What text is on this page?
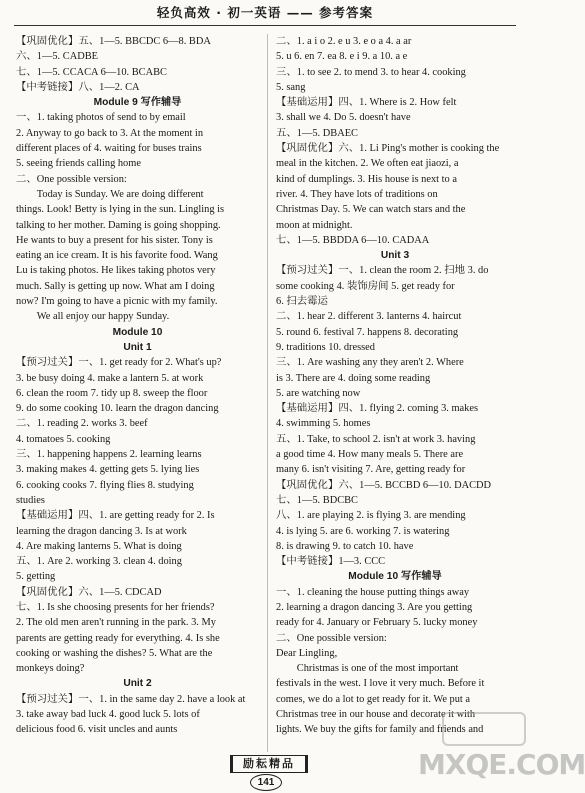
轻负高效 · 初一英语 —— 参考答案
【巩固优化】五、1—5. BBCDC 6—8. BDA
六、1—5. CADBE
七、1—5. CCACA 6—10. BCABC
【中考链接】八、1—2. CA
Module 9 写作辅导
一、1. taking photos of send to by email
2. Anyway to go back to 3. At the moment in
different places of 4. waiting for buses trains
5. seeing friends calling home
二、One possible version:
Today is Sunday. We are doing different
things. Look! Betty is lying in the sun. Lingling is
talking to her mother. Daming is going shopping.
He wants to buy a present for his sister. Tony is
eating an ice cream. It is his favorite food. Wang
Lu is taking photos. He likes taking photos very
much. Sally is getting up now. What am I doing
now? I'm going to have a picnic with my family.
We all enjoy our happy Sunday.
Module 10
Unit 1
【预习过关】一、1. get ready for 2. What's up?
3. be busy doing 4. make a lantern 5. at work
6. clean the room 7. tidy up 8. sweep the floor
9. do some cooking 10. learn the dragon dancing
二、1. reading 2. works 3. beef
4. tomatoes 5. cooking
三、1. happening happens 2. learning learns
3. making makes 4. getting gets 5. lying lies
6. cooking cooks 7. flying flies 8. studying
studies
【基础运用】四、1. are getting ready for 2. Is
learning the dragon dancing 3. Is at work
4. Are making lanterns 5. What is doing
五、1. Are 2. working 3. clean 4. doing
5. getting
【巩固优化】六、1—5. CDCAD
七、1. Is she choosing presents for her friends?
2. The old men aren't running in the park. 3. My
parents are getting ready for everything. 4. Is she
cooking or washing the dishes? 5. What are the
monkeys doing?
Unit 2
【预习过关】一、1. in the same day 2. have a look at
3. take away bad luck 4. good luck 5. lots of
delicious food 6. visit uncles and aunts
二、1. a i o 2. e u 3. e o a 4. a ar
5. u 6. en 7. ea 8. e i 9. a 10. a e
三、1. to see 2. to mend 3. to hear 4. cooking
5. sang
【基础运用】四、1. Where is 2. How felt
3. shall we 4. Do 5. doesn't have
五、1—5. DBAEC
【巩固优化】六、1. Li Ping's mother is cooking the
meal in the kitchen. 2. We often eat jiaozi, a
kind of dumplings. 3. His house is next to a
river. 4. They have lots of traditions on
Christmas Day. 5. We can watch stars and the
moon at midnight.
七、1—5. BBDDA 6—10. CADAA
Unit 3
【预习过关】一、1. clean the room 2. 扫地 3. do
some cooking 4. 装饰房间 5. get ready for
6. 扫去霉运
二、1. hear 2. different 3. lanterns 4. haircut
5. round 6. festival 7. happens 8. decorating
9. traditions 10. dressed
三、1. Are washing any they aren't 2. Where
is 3. There are 4. doing some reading
5. are watching now
【基础运用】四、1. flying 2. coming 3. makes
4. swimming 5. homes
五、1. Take, to school 2. isn't at work 3. having
a good time 4. How many meals 5. There are
many 6. isn't visiting 7. Are, getting ready for
【巩固优化】六、1—5. BCCBD 6—10. DACDD
七、1—5. BDCBC
八、1. are playing 2. is flying 3. are mending
4. is lying 5. are 6. working 7. is watering
8. is drawing 9. to catch 10. have
【中考链接】1—3. CCC
Module 10 写作辅导
一、1. cleaning the house putting things away
2. learning a dragon dancing 3. Are you getting
ready for 4. January or February 5. lucky money
二、One possible version:
Dear Lingling,
Christmas is one of the most important
festivals in the west. I love it very much. Before it
comes, we do a lot to get ready for it. We put a
Christmas tree in our house and decorate it with
lights. We buy the gifts for family and friends and
励耘精品
141
MXQE.COM
